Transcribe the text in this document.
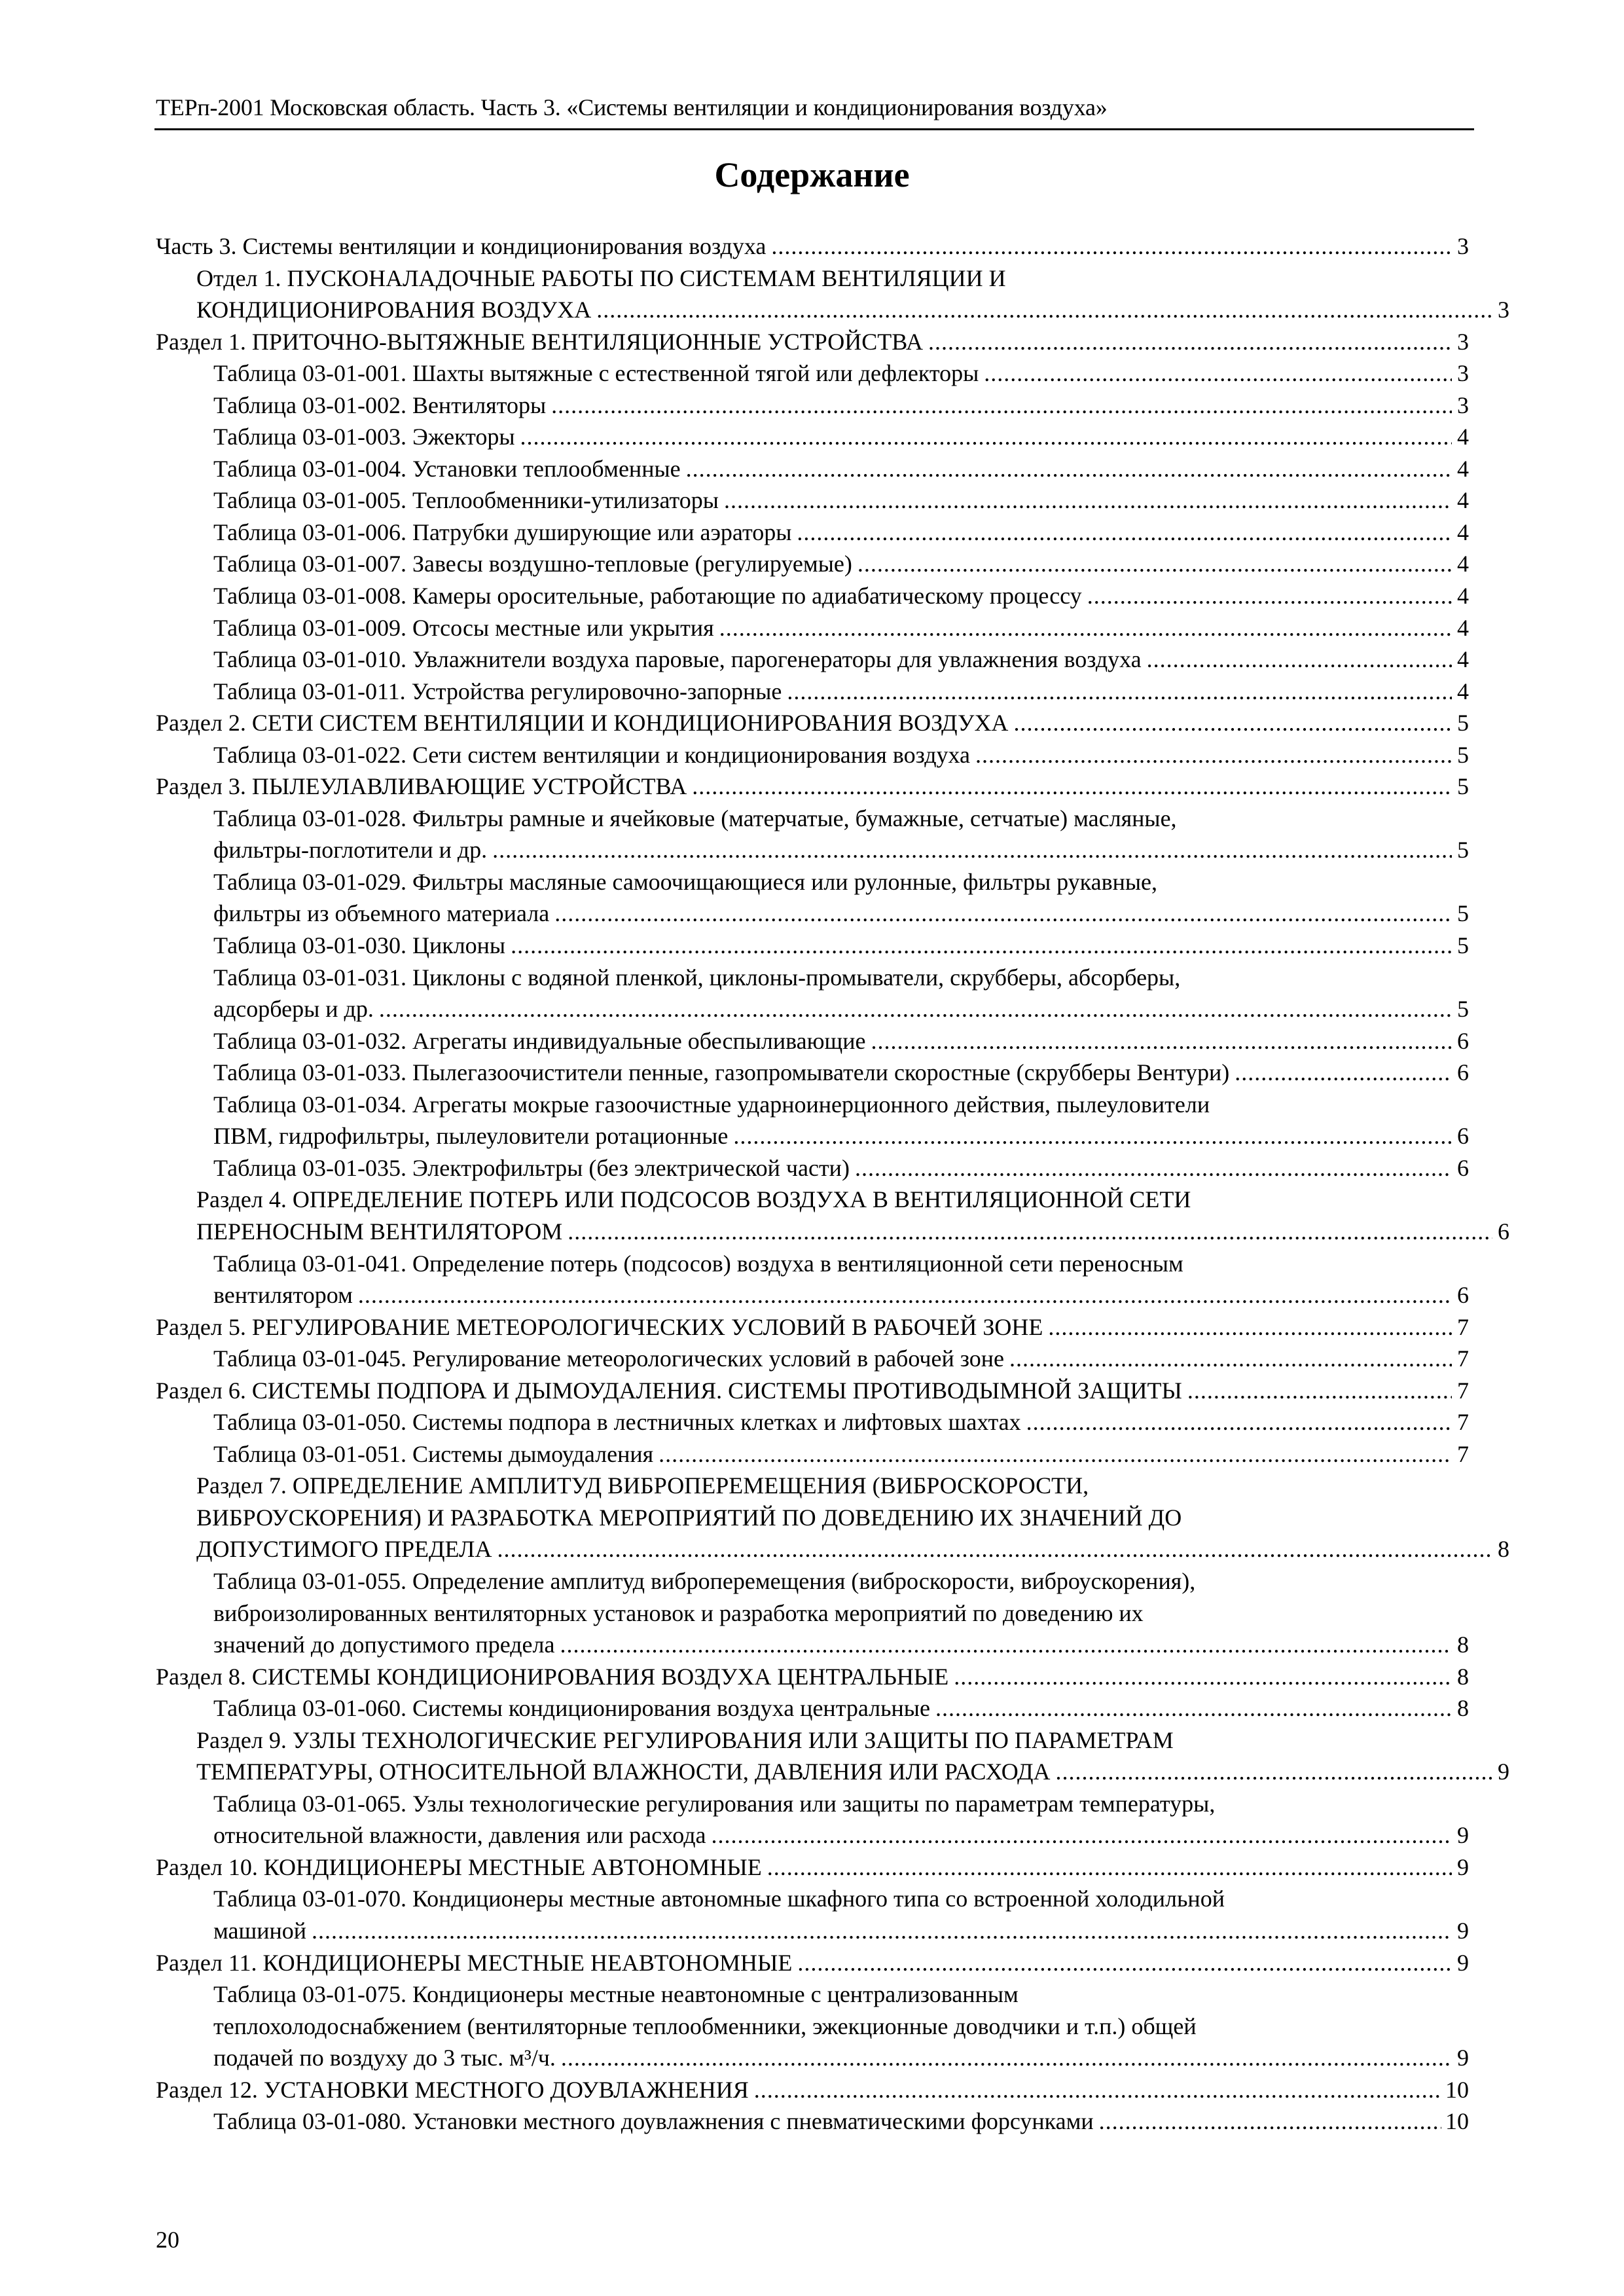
ТЕРп-2001 Московская область. Часть 3. «Системы вентиляции и кондиционирования воздуха»
Содержание
Часть 3. Системы вентиляции и кондиционирования воздуха .....	3
Отдел 1. ПУСКОНАЛАДОЧНЫЕ РАБОТЫ ПО СИСТЕМАМ ВЕНТИЛЯЦИИ И
КОНДИЦИОНИРОВАНИЯ ВОЗДУХА .....	3
Раздел 1. ПРИТОЧНО-ВЫТЯЖНЫЕ ВЕНТИЛЯЦИОННЫЕ УСТРОЙСТВА .....	3
Таблица 03-01-001. Шахты вытяжные с естественной тягой или дефлекторы .....	3
Таблица 03-01-002. Вентиляторы .....	3
Таблица 03-01-003. Эжекторы .....	4
Таблица 03-01-004. Установки теплообменные .....	4
Таблица 03-01-005. Теплообменники-утилизаторы .....	4
Таблица 03-01-006. Патрубки душирующие или аэраторы .....	4
Таблица 03-01-007. Завесы воздушно-тепловые (регулируемые) .....	4
Таблица 03-01-008. Камеры оросительные, работающие по адиабатическому процессу .....	4
Таблица 03-01-009. Отсосы местные или укрытия .....	4
Таблица 03-01-010. Увлажнители воздуха паровые, парогенераторы для увлажнения воздуха .....	4
Таблица 03-01-011. Устройства регулировочно-запорные .....	4
Раздел 2. СЕТИ СИСТЕМ ВЕНТИЛЯЦИИ И КОНДИЦИОНИРОВАНИЯ ВОЗДУХА .....	5
Таблица 03-01-022. Сети систем вентиляции и кондиционирования воздуха .....	5
Раздел 3. ПЫЛЕУЛАВЛИВАЮЩИЕ УСТРОЙСТВА .....	5
Таблица 03-01-028. Фильтры рамные и ячейковые (матерчатые, бумажные, сетчатые) масляные,
фильтры-поглотители и др. .....	5
Таблица 03-01-029. Фильтры масляные самоочищающиеся или рулонные, фильтры рукавные,
фильтры из объемного материала .....	5
Таблица 03-01-030. Циклоны .....	5
Таблица 03-01-031. Циклоны с водяной пленкой, циклоны-промыватели, скрубберы, абсорберы,
адсорберы и др. .....	5
Таблица 03-01-032. Агрегаты индивидуальные обеспыливающие .....	6
Таблица 03-01-033. Пылегазоочистители пенные, газопромыватели скоростные (скрубберы Вентури) .....	6
Таблица 03-01-034. Агрегаты мокрые газоочистные ударноинерционного действия, пылеуловители
ПВМ, гидрофильтры, пылеуловители ротационные .....	6
Таблица 03-01-035. Электрофильтры (без электрической части) .....	6
Раздел 4. ОПРЕДЕЛЕНИЕ ПОТЕРЬ ИЛИ ПОДСОСОВ ВОЗДУХА В ВЕНТИЛЯЦИОННОЙ СЕТИ
ПЕРЕНОСНЫМ ВЕНТИЛЯТОРОМ .....	6
Таблица 03-01-041. Определение потерь (подсосов) воздуха в вентиляционной сети переносным
вентилятором .....	6
Раздел 5. РЕГУЛИРОВАНИЕ МЕТЕОРОЛОГИЧЕСКИХ УСЛОВИЙ В РАБОЧЕЙ ЗОНЕ .....	7
Таблица 03-01-045. Регулирование метеорологических условий в рабочей зоне .....	7
Раздел 6. СИСТЕМЫ ПОДПОРА И ДЫМОУДАЛЕНИЯ. СИСТЕМЫ ПРОТИВОДЫМНОЙ ЗАЩИТЫ .....	7
Таблица 03-01-050. Системы подпора в лестничных клетках и лифтовых шахтах .....	7
Таблица 03-01-051. Системы дымоудаления .....	7
Раздел 7. ОПРЕДЕЛЕНИЕ АМПЛИТУД ВИБРОПЕРЕМЕЩЕНИЯ (ВИБРОСКОРОСТИ,
ВИБРОУСКОРЕНИЯ) И РАЗРАБОТКА МЕРОПРИЯТИЙ ПО ДОВЕДЕНИЮ ИХ ЗНАЧЕНИЙ ДО
ДОПУСТИМОГО ПРЕДЕЛА .....	8
Таблица 03-01-055. Определение амплитуд виброперемещения (виброскорости, виброускорения),
виброизолированных вентиляторных установок и разработка мероприятий по доведению их
значений до допустимого предела .....	8
Раздел 8. СИСТЕМЫ КОНДИЦИОНИРОВАНИЯ ВОЗДУХА ЦЕНТРАЛЬНЫЕ .....	8
Таблица 03-01-060. Системы кондиционирования воздуха центральные .....	8
Раздел 9. УЗЛЫ ТЕХНОЛОГИЧЕСКИЕ РЕГУЛИРОВАНИЯ ИЛИ ЗАЩИТЫ ПО ПАРАМЕТРАМ
ТЕМПЕРАТУРЫ, ОТНОСИТЕЛЬНОЙ ВЛАЖНОСТИ, ДАВЛЕНИЯ ИЛИ РАСХОДА .....	9
Таблица 03-01-065. Узлы технологические регулирования или защиты по параметрам температуры,
относительной влажности, давления или расхода .....	9
Раздел 10. КОНДИЦИОНЕРЫ МЕСТНЫЕ АВТОНОМНЫЕ .....	9
Таблица 03-01-070. Кондиционеры местные автономные шкафного типа со встроенной холодильной
машиной .....	9
Раздел 11. КОНДИЦИОНЕРЫ МЕСТНЫЕ НЕАВТОНОМНЫЕ .....	9
Таблица 03-01-075. Кондиционеры местные неавтономные с централизованным
теплохолодоснабжением (вентиляторные теплообменники, эжекционные доводчики и т.п.) общей
подачей по воздуху до 3 тыс. м³/ч. .....	9
Раздел 12. УСТАНОВКИ МЕСТНОГО ДОУВЛАЖНЕНИЯ .....	10
Таблица 03-01-080. Установки местного доувлажнения с пневматическими форсунками .....	10
20
